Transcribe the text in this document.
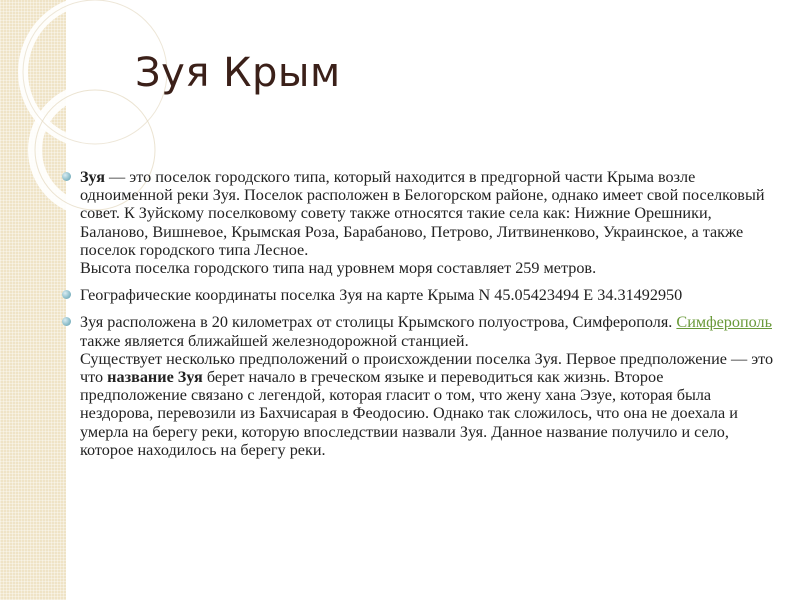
Зуя Крым
Зуя — это поселок городского типа, который находится в предгорной части Крыма возле одноименной реки Зуя. Поселок расположен в Белогорском районе, однако имеет свой поселковый совет. К Зуйскому поселковому совету также относятся такие села как: Нижние Орешники, Баланово, Вишневое, Крымская Роза, Барабаново, Петрово, Литвиненково, Украинское, а также поселок городского типа Лесное.
Высота поселка городского типа над уровнем моря составляет 259 метров.
Географические координаты поселка Зуя на карте Крыма N 45.05423494 E 34.31492950
Зуя расположена в 20 километрах от столицы Крымского полуострова, Симферополя. Симферополь также является ближайшей железнодорожной станцией.
Существует несколько предположений о происхождении поселка Зуя. Первое предположение — это что название Зуя берет начало в греческом языке и переводиться как жизнь. Второе предположение связано с легендой, которая гласит о том, что жену хана Эзуе, которая была нездорова, перевозили из Бахчисарая в Феодосию. Однако так сложилось, что она не доехала и умерла на берегу реки, которую впоследствии назвали Зуя. Данное название получило и село, которое находилось на берегу реки.
